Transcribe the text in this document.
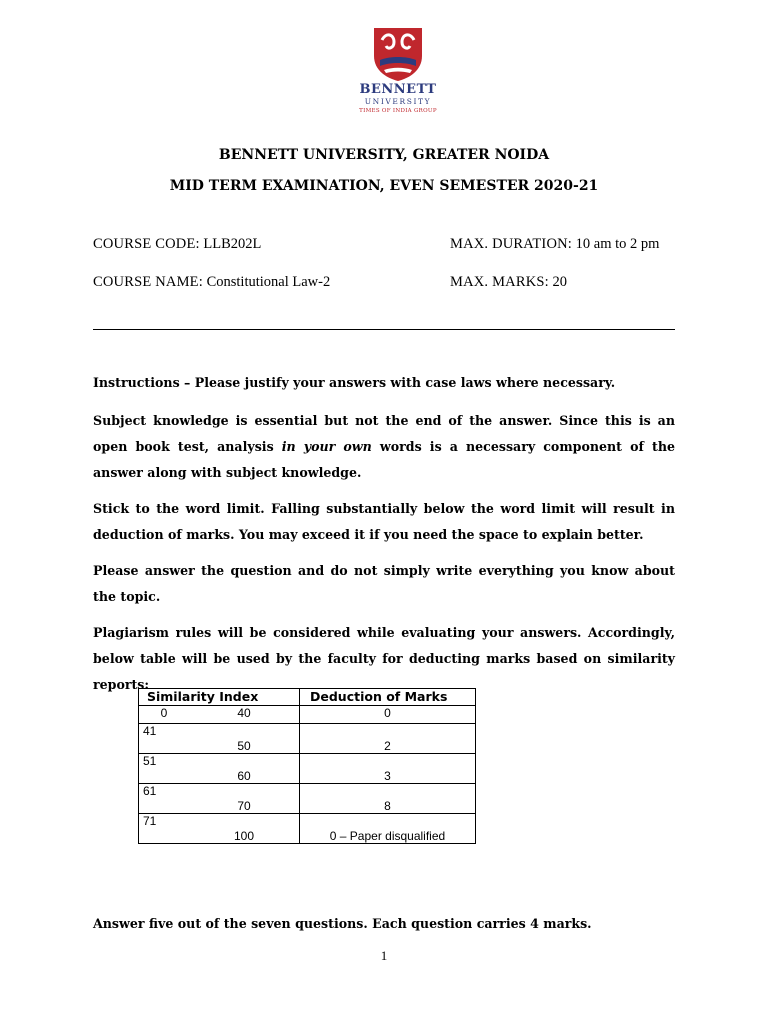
BENNETT
UNIVERSITY
TIMES OF INDIA GROUP
BENNETT UNIVERSITY, GREATER NOIDA
MID TERM EXAMINATION, EVEN SEMESTER 2020-21
COURSE CODE: LLB202L	MAX. DURATION: 10 am to 2 pm
COURSE NAME: Constitutional Law-2	MAX. MARKS: 20
Instructions – Please justify your answers with case laws where necessary.
Subject knowledge is essential but not the end of the answer. Since this is an open book test, analysis in your own words is a necessary component of the answer along with subject knowledge.
Stick to the word limit. Falling substantially below the word limit will result in deduction of marks. You may exceed it if you need the space to explain better.
Please answer the question and do not simply write everything you know about the topic.
Plagiarism rules will be considered while evaluating your answers. Accordingly, below table will be used by the faculty for deducting marks based on similarity reports:
Similarity Index		Deduction of Marks
0	40	0
41	50	2
51	60	3
61	70	8
71	100	0 – Paper disqualified
Answer five out of the seven questions. Each question carries 4 marks.
1
